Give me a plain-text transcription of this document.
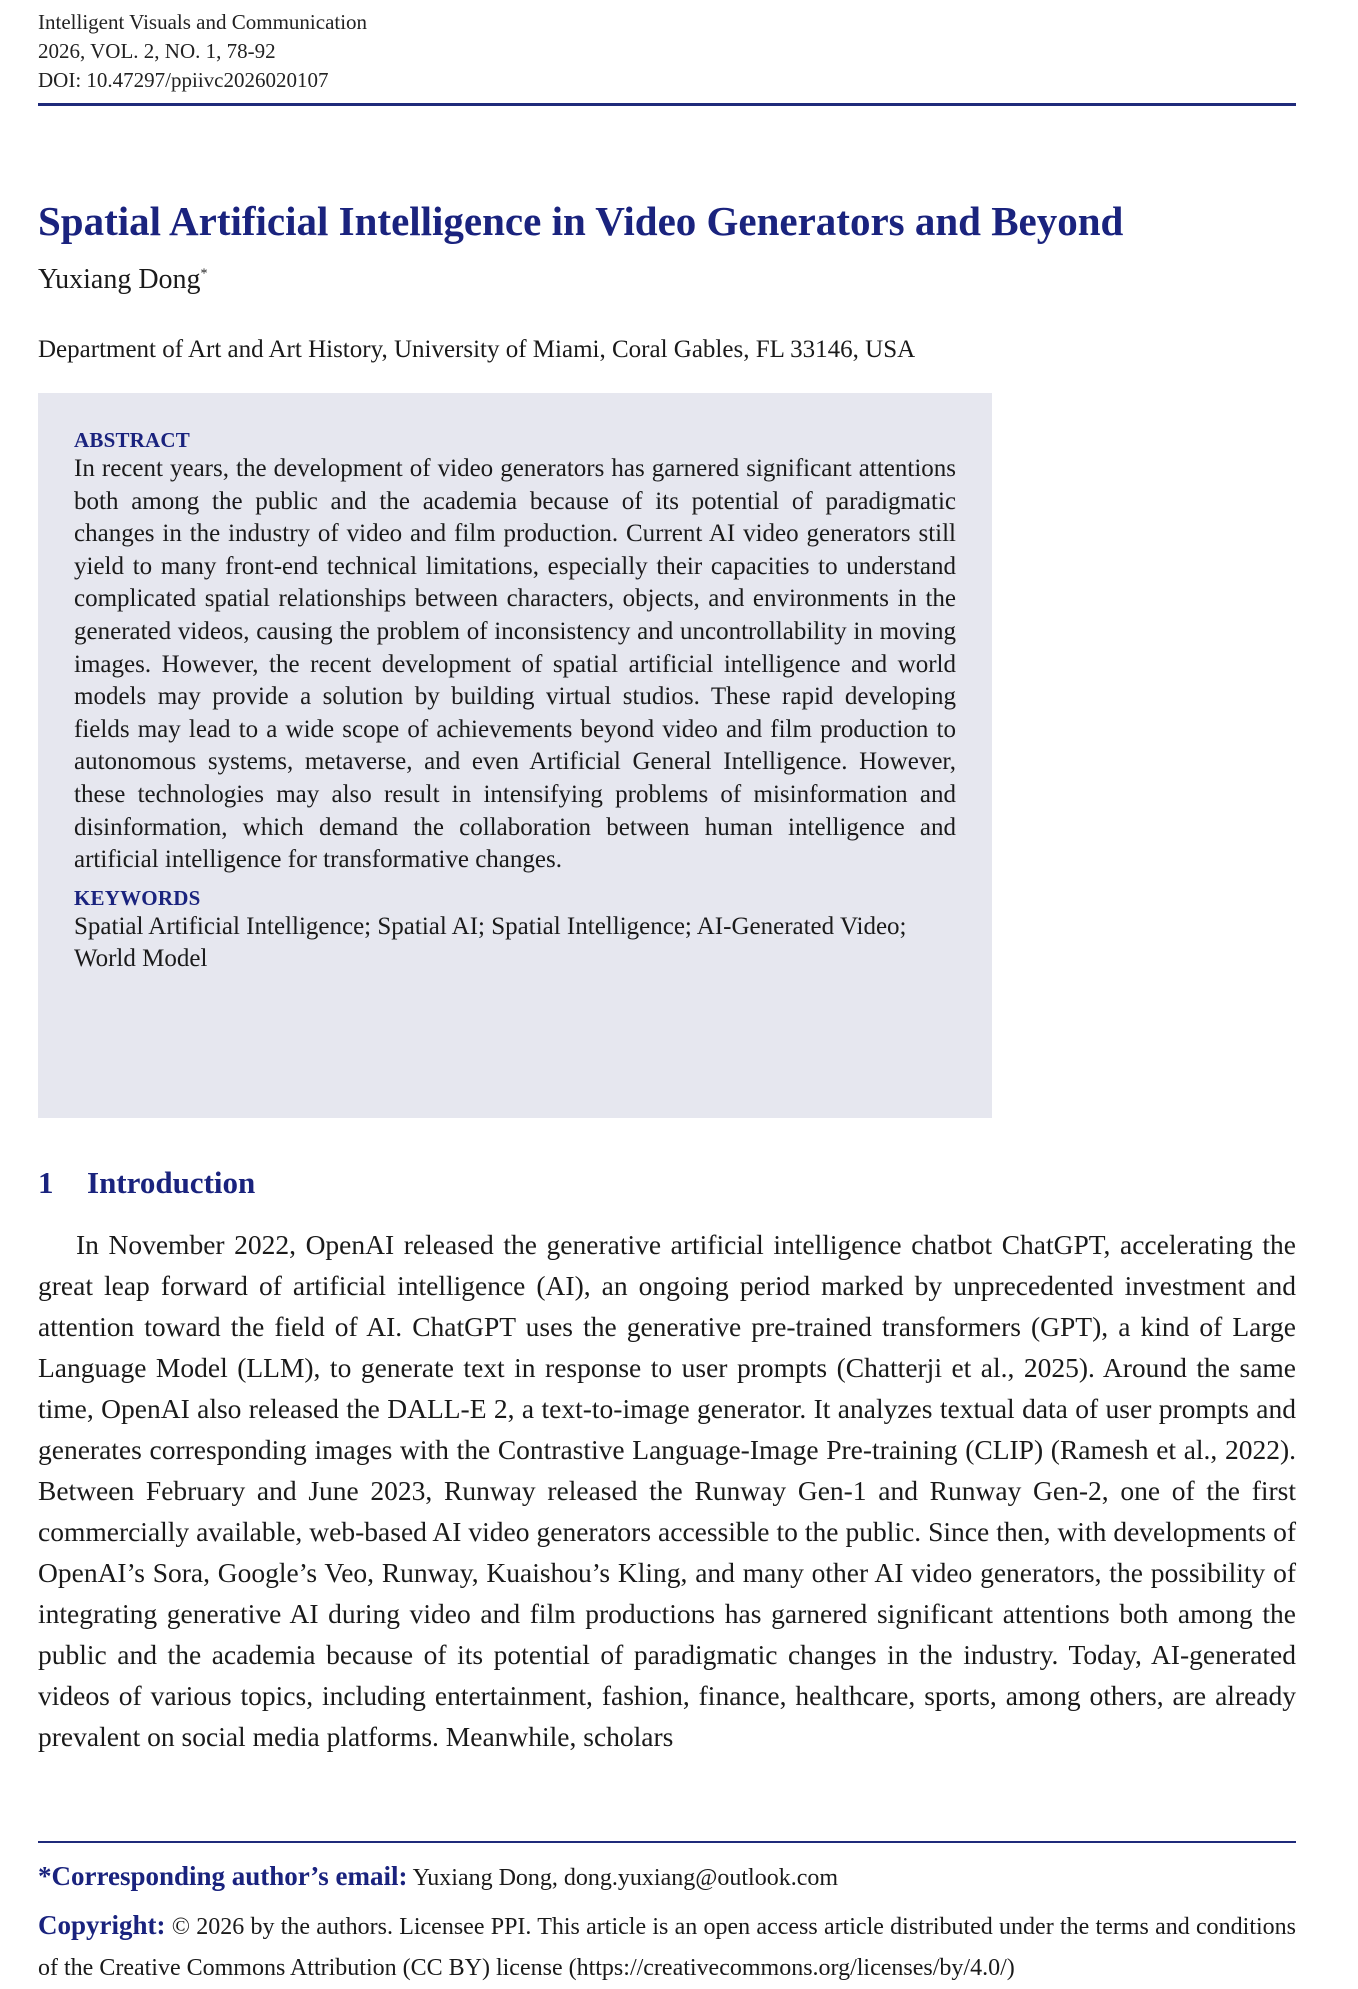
Intelligent Visuals and Communication
2026, VOL. 2, NO. 1, 78-92
DOI: 10.47297/ppiivc2026020107
Spatial Artificial Intelligence in Video Generators and Beyond
Yuxiang Dong*
Department of Art and Art History, University of Miami, Coral Gables, FL 33146, USA
ABSTRACT

In recent years, the development of video generators has garnered significant attentions both among the public and the academia because of its potential of paradigmatic changes in the industry of video and film production. Current AI video generators still yield to many front-end technical limitations, especially their capacities to understand complicated spatial relationships between characters, objects, and environments in the generated videos, causing the problem of inconsistency and uncontrollability in moving images. However, the recent development of spatial artificial intelligence and world models may provide a solution by building virtual studios. These rapid developing fields may lead to a wide scope of achievements beyond video and film production to autonomous systems, metaverse, and even Artificial General Intelligence. However, these technologies may also result in intensifying problems of misinformation and disinformation, which demand the collaboration between human intelligence and artificial intelligence for transformative changes.

KEYWORDS

Spatial Artificial Intelligence; Spatial AI; Spatial Intelligence; AI-Generated Video; World Model

1 Introduction

In November 2022, OpenAI released the generative artificial intelligence chatbot ChatGPT, accelerating the great leap forward of artificial intelligence (AI), an ongoing period marked by unprecedented investment and attention toward the field of AI. ChatGPT uses the generative pre-trained transformers (GPT), a kind of Large Language Model (LLM), to generate text in response to user prompts (Chatterji et al., 2025). Around the same time, OpenAI also released the DALL-E 2, a text-to-image generator. It analyzes textual data of user prompts and generates corresponding images with the Contrastive Language-Image Pre-training (CLIP) (Ramesh et al., 2022). Between February and June 2023, Runway released the Runway Gen-1 and Runway Gen-2, one of the first commercially available, web-based AI video generators accessible to the public. Since then, with developments of OpenAI’s Sora, Google’s Veo, Runway, Kuaishou’s Kling, and many other AI video generators, the possibility of integrating generative AI during video and film productions has garnered significant attentions both among the public and the academia because of its potential of paradigmatic changes in the industry. Today, AI-generated videos of various topics, including entertainment, fashion, finance, healthcare, sports, among others, are already prevalent on social media platforms. Meanwhile, scholars

*Corresponding author’s email: Yuxiang Dong, dong.yuxiang@outlook.com
Copyright: © 2026 by the authors. Licensee PPI. This article is an open access article distributed under the terms and conditions of the Creative Commons Attribution (CC BY) license (https://creativecommons.org/licenses/by/4.0/)
